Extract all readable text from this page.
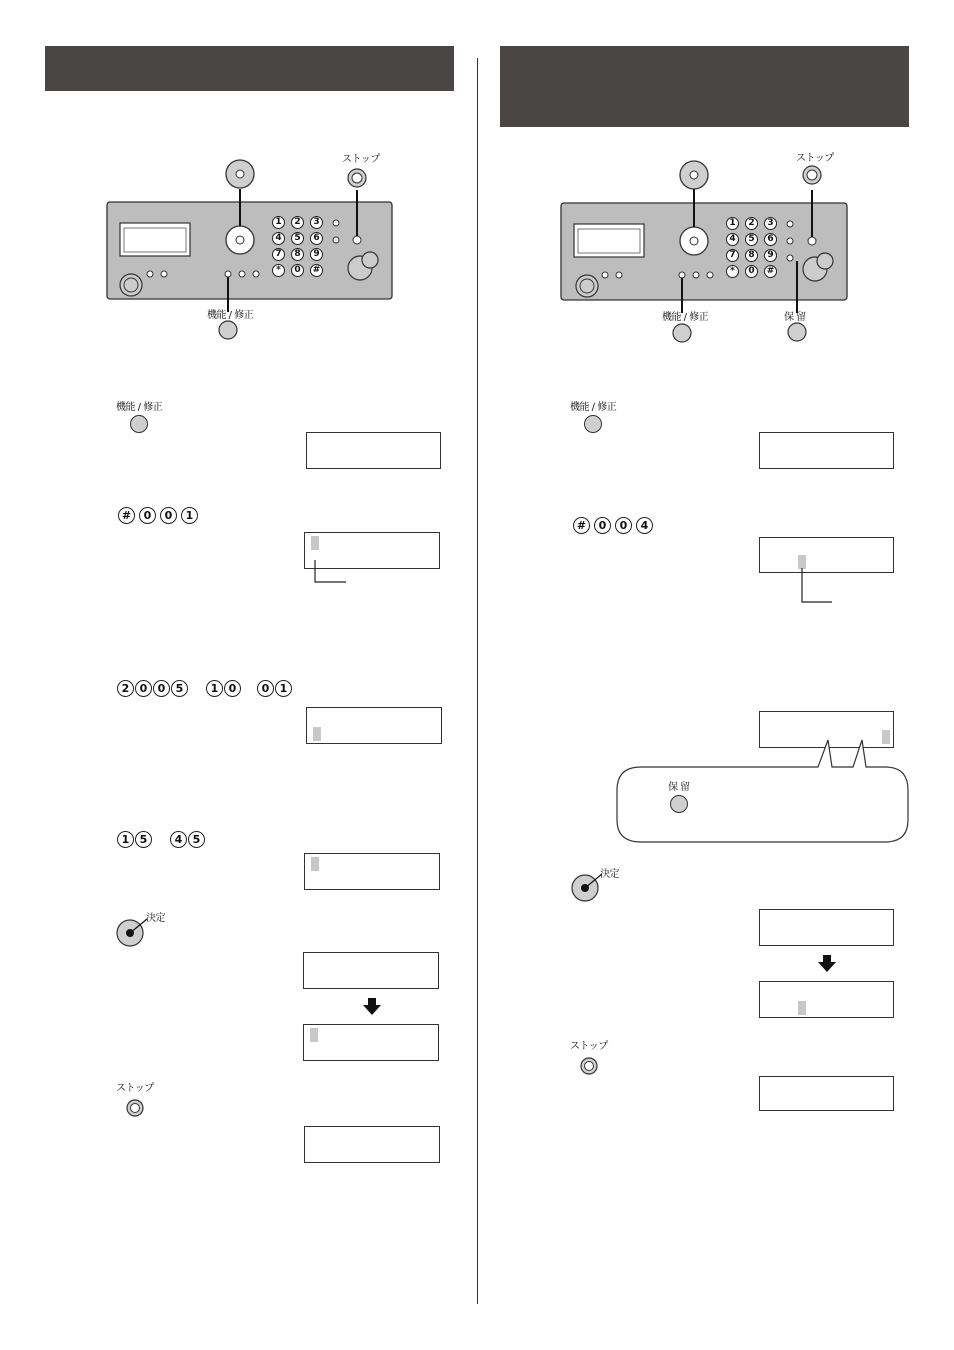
1	2	3
4	5	6
7	8	9
*	0	#
ストップ
機能 / 修正
機能 / 修正
#	0	0	1
2 0 0 5	1 0	0 1
1 5	4 5
決定
ストップ
1	2	3
4	5	6
7	8	9
*	0	#
ストップ
機能 / 修正	保 留
機能 / 修正
#	0	0	4
保 留
決定
ストップ
